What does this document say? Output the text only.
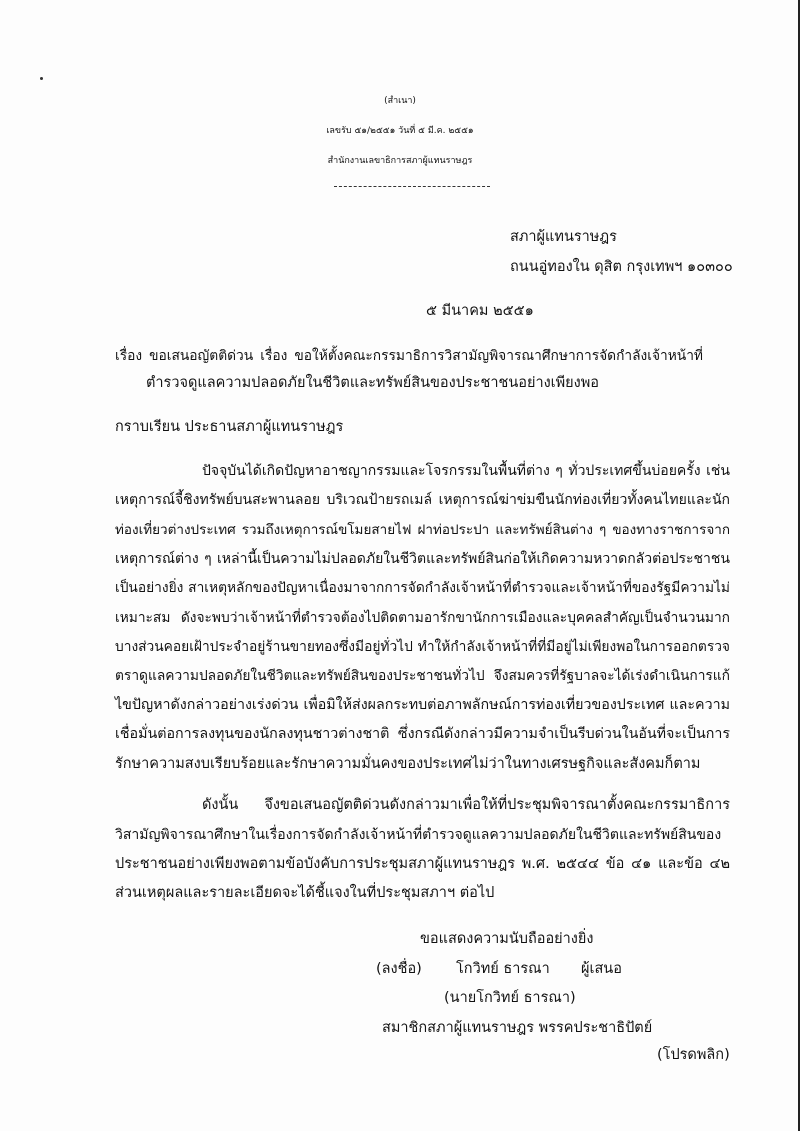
(สำเนา)
เลขรับ ๕๑/๒๕๕๑ วันที่ ๕ มี.ค. ๒๕๕๑
สำนักงานเลขาธิการสภาผู้แทนราษฎร
สภาผู้แทนราษฎร
ถนนอู่ทองใน ดุสิต กรุงเทพฯ ๑๐๓๐๐
๕ มีนาคม ๒๕๕๑
เรื่อง ขอเสนอญัตติด่วน เรื่อง ขอให้ตั้งคณะกรรมาธิการวิสามัญพิจารณาศึกษาการจัดกำลังเจ้าหน้าที่
ตำรวจดูแลความปลอดภัยในชีวิตและทรัพย์สินของประชาชนอย่างเพียงพอ
กราบเรียน ประธานสภาผู้แทนราษฎร
ปัจจุบันได้เกิดปัญหาอาชญากรรมและโจรกรรมในพื้นที่ต่าง ๆ ทั่วประเทศขึ้นบ่อยครั้ง เช่น
เหตุการณ์จี้ชิงทรัพย์บนสะพานลอย บริเวณป้ายรถเมล์ เหตุการณ์ฆ่าข่มขืนนักท่องเที่ยวทั้งคนไทยและนัก
ท่องเที่ยวต่างประเทศ รวมถึงเหตุการณ์ขโมยสายไฟ ฝาท่อประปา และทรัพย์สินต่าง ๆ ของทางราชการจาก
เหตุการณ์ต่าง ๆ เหล่านี้เป็นความไม่ปลอดภัยในชีวิตและทรัพย์สินก่อให้เกิดความหวาดกลัวต่อประชาชน
เป็นอย่างยิ่ง สาเหตุหลักของปัญหาเนื่องมาจากการจัดกำลังเจ้าหน้าที่ตำรวจและเจ้าหน้าที่ของรัฐมีความไม่
เหมาะสม ดังจะพบว่าเจ้าหน้าที่ตำรวจต้องไปติดตามอารักขานักการเมืองและบุคคลสำคัญเป็นจำนวนมาก
บางส่วนคอยเฝ้าประจำอยู่ร้านขายทองซึ่งมีอยู่ทั่วไป ทำให้กำลังเจ้าหน้าที่ที่มีอยู่ไม่เพียงพอในการออกตรวจ
ตราดูแลความปลอดภัยในชีวิตและทรัพย์สินของประชาชนทั่วไป จึงสมควรที่รัฐบาลจะได้เร่งดำเนินการแก้
ไขปัญหาดังกล่าวอย่างเร่งด่วน เพื่อมิให้ส่งผลกระทบต่อภาพลักษณ์การท่องเที่ยวของประเทศ และความ
เชื่อมั่นต่อการลงทุนของนักลงทุนชาวต่างชาติ ซึ่งกรณีดังกล่าวมีความจำเป็นรีบด่วนในอันที่จะเป็นการ
รักษาความสงบเรียบร้อยและรักษาความมั่นคงของประเทศไม่ว่าในทางเศรษฐกิจและสังคมก็ตาม
ดังนั้น จึงขอเสนอญัตติด่วนดังกล่าวมาเพื่อให้ที่ประชุมพิจารณาตั้งคณะกรรมาธิการ
วิสามัญพิจารณาศึกษาในเรื่องการจัดกำลังเจ้าหน้าที่ตำรวจดูแลความปลอดภัยในชีวิตและทรัพย์สินของ
ประชาชนอย่างเพียงพอตามข้อบังคับการประชุมสภาผู้แทนราษฎร พ.ศ. ๒๕๔๔ ข้อ ๔๑ และข้อ ๔๒
ส่วนเหตุผลและรายละเอียดจะได้ชี้แจงในที่ประชุมสภาฯ ต่อไป
ขอแสดงความนับถืออย่างยิ่ง
(ลงชื่อ) โกวิทย์ ธารณา ผู้เสนอ
(นายโกวิทย์ ธารณา)
สมาชิกสภาผู้แทนราษฎร พรรคประชาธิปัตย์
(โปรดพลิก)
